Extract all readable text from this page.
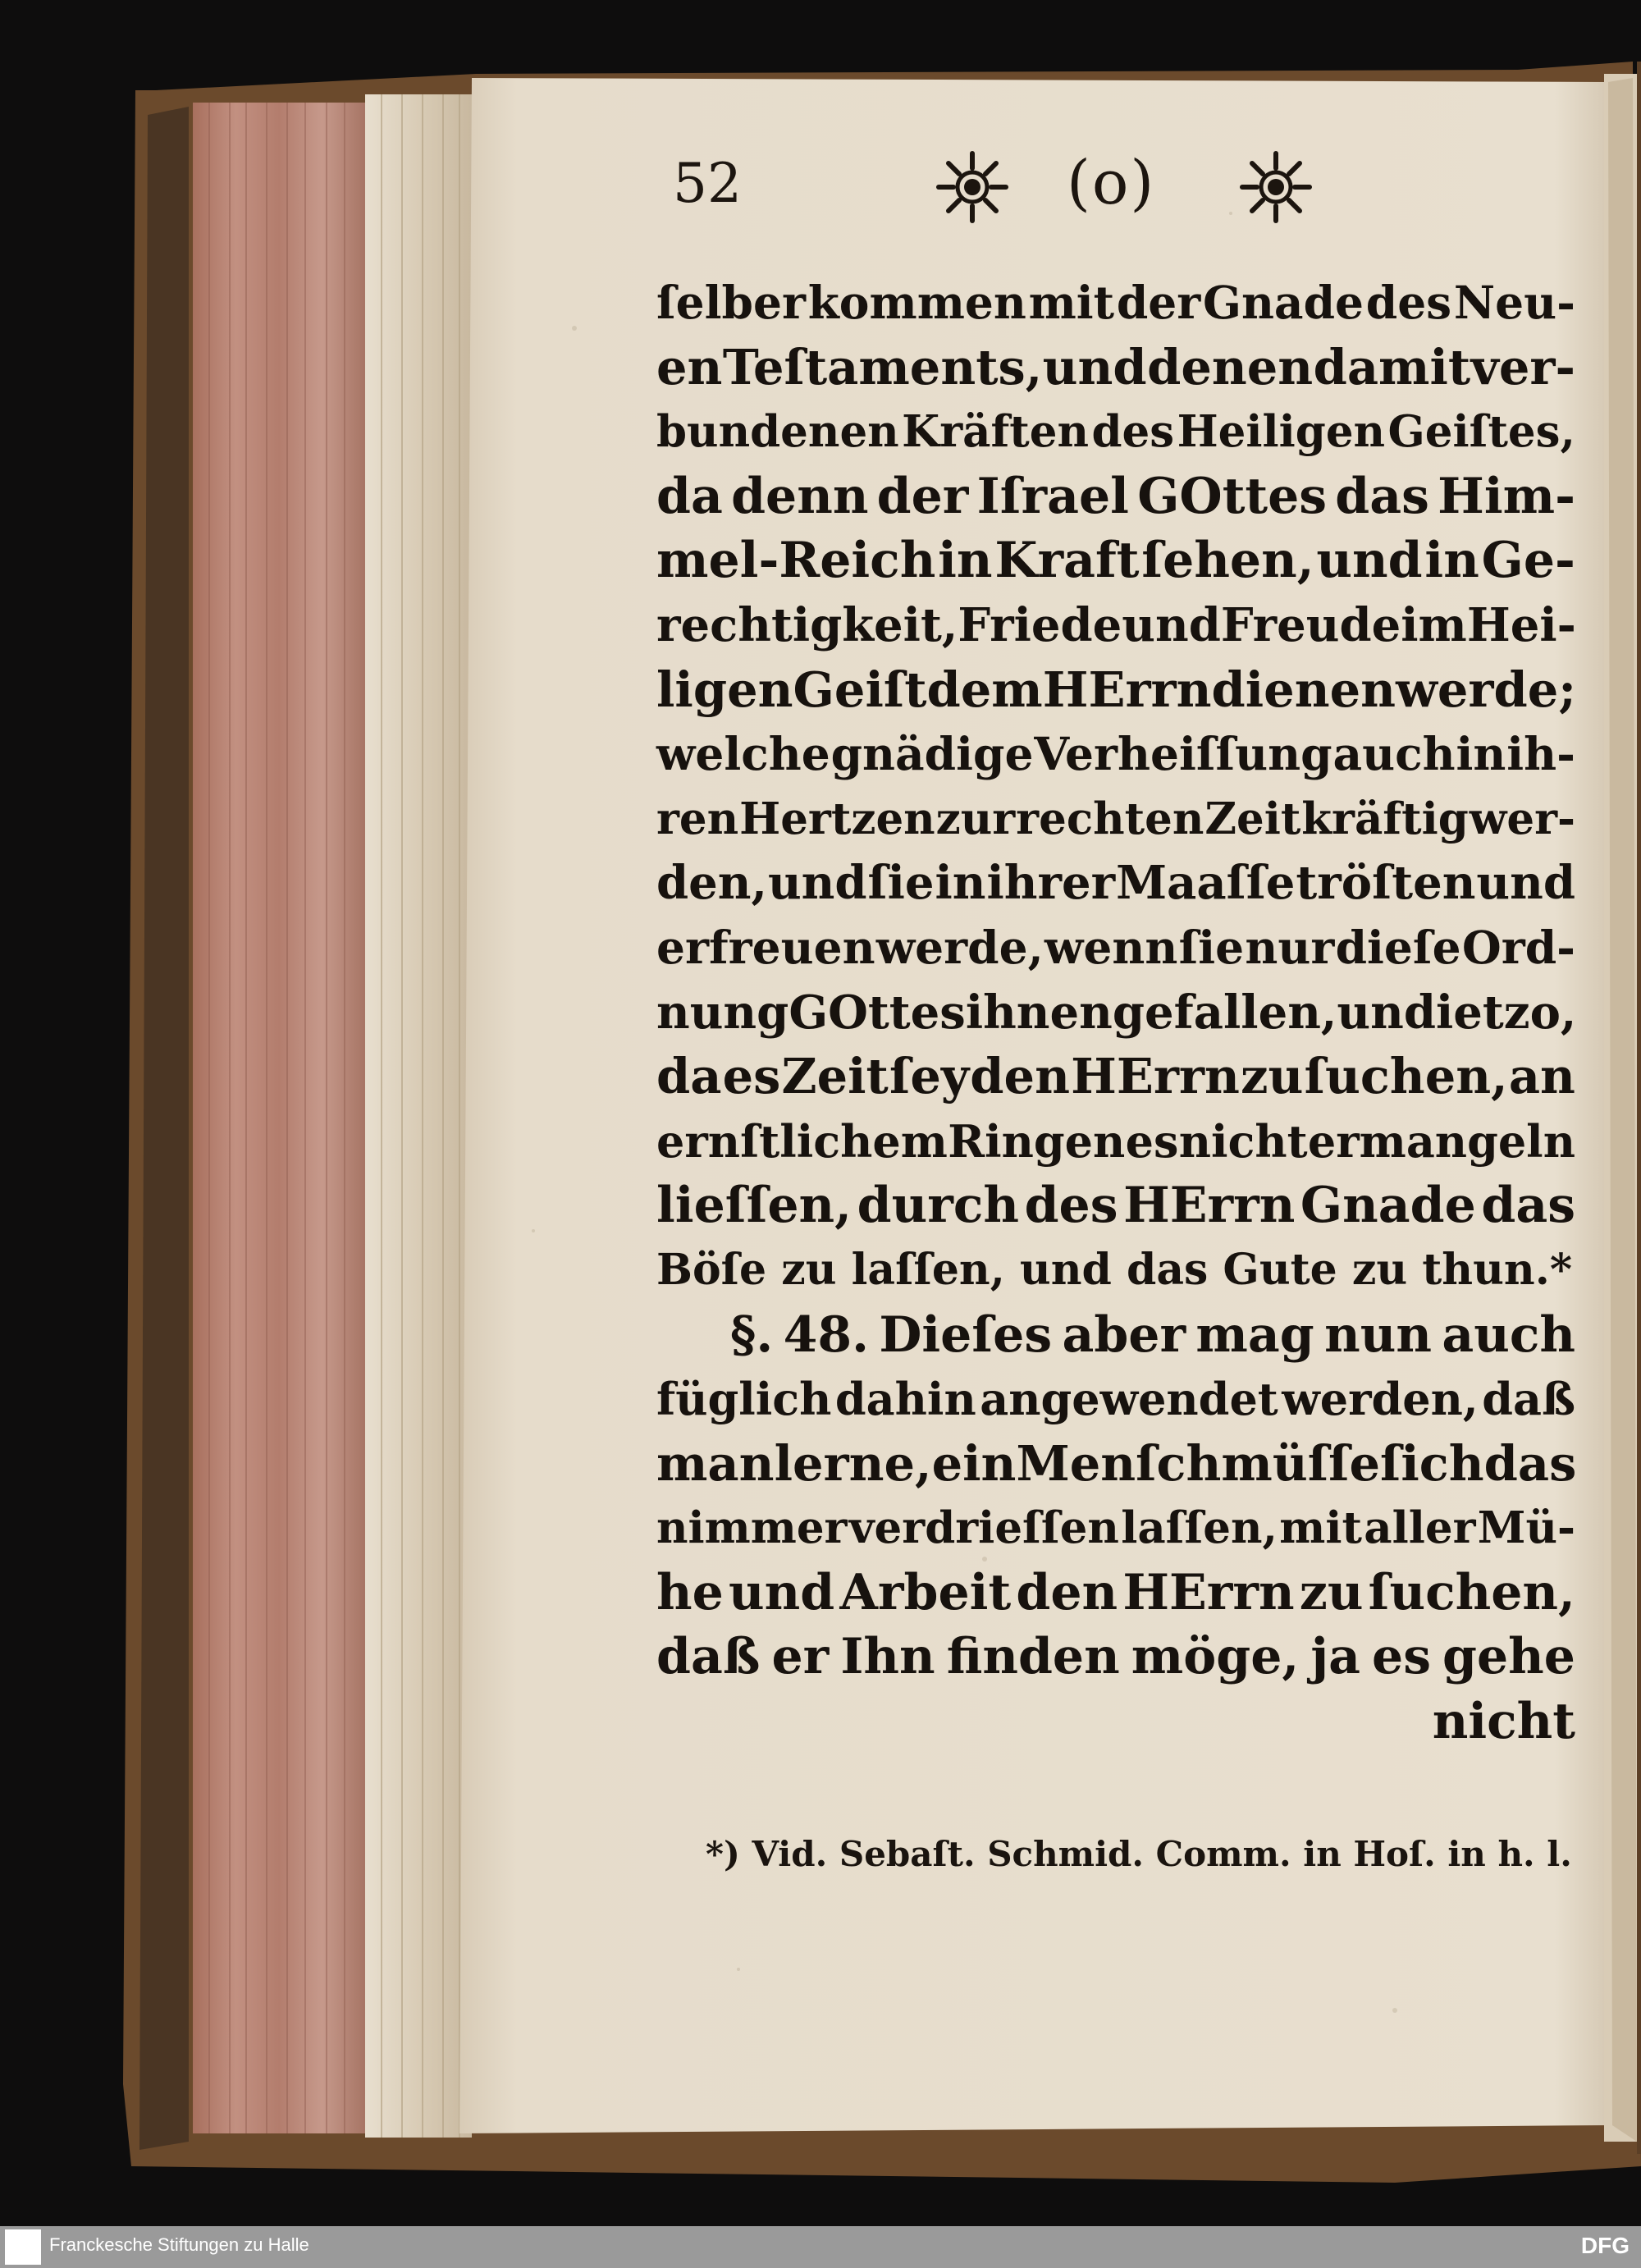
52	(o)
ſelber kommen mit der Gnade des Neu-
en Teſtaments, und denen damit ver-
bundenen Kräften des Heiligen Geiſtes,
da denn der Iſrael GOttes das Him-
mel-Reich in Kraft ſehen, und in Ge-
rechtigkeit, Friede und Freude im Hei-
ligen Geiſt dem HErrn dienen werde;
welche gnädige Verheiſſung auch in ih-
ren Hertzen zur rechten Zeit kräftig wer-
den, und ſie in ihrer Maaſſe tröſten und
erfreuen werde, wenn ſie nur dieſe Ord-
nung GOttes ihnen gefallen, und ietzo,
da es Zeit ſey den HErrn zu ſuchen, an
ernſtlichem Ringen es nicht ermangeln
lieſſen, durch des HErrn Gnade das
Böſe zu laſſen, und das Gute zu thun.*
§. 48. Dieſes aber mag nun auch
füglich dahin angewendet werden, daß
man lerne, ein Menſch müſſe ſich das
nimmer verdrieſſen laſſen, mit aller Mü-
he und Arbeit den HErrn zu ſuchen,
daß er Ihn finden möge, ja es gehe
nicht
*) Vid. Sebaſt. Schmid. Comm. in Hoſ. in h. l.
Franckesche Stiftungen zu Halle	DFG
